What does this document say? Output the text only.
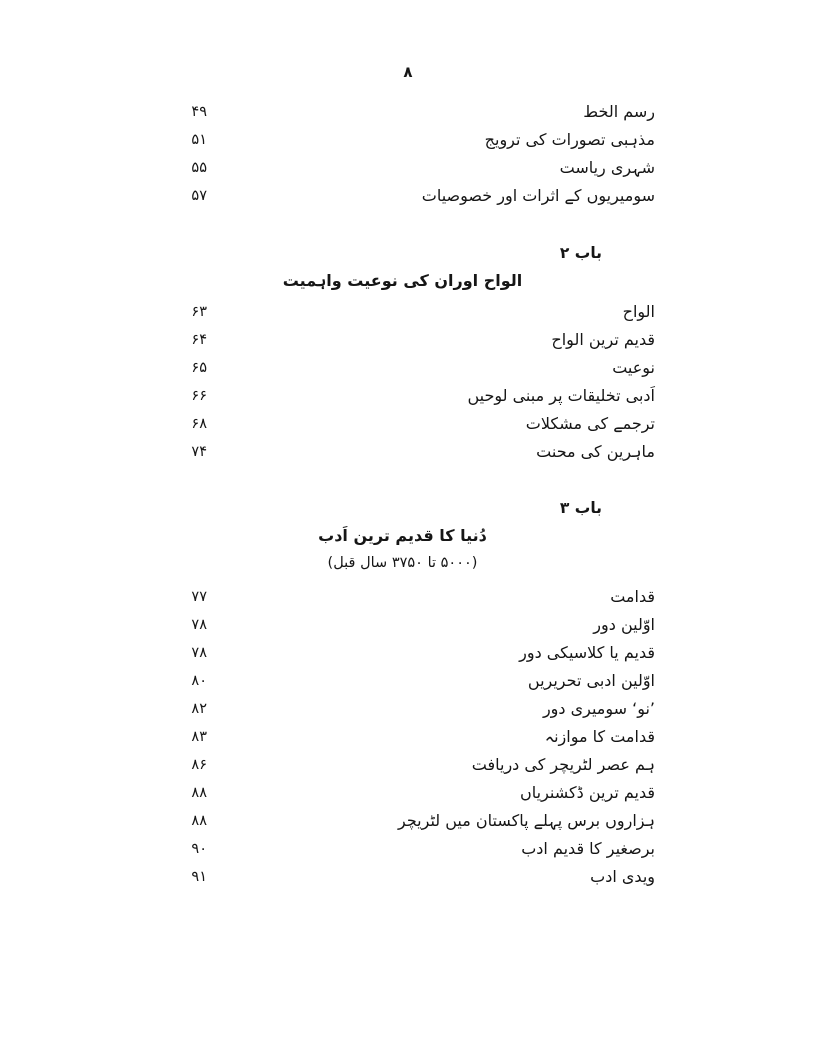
۸
۴۹	رسم الخط
۵۱	مذہبی تصورات کی ترویج
۵۵	شہری ریاست
۵۷	سومیریوں کے اثرات اور خصوصیات
باب ۲
الواح اوران کی نوعیت واہمیت
۶۳	الواح
۶۴	قدیم ترین الواح
۶۵	نوعیت
۶۶	اَدبی تخلیقات پر مبنی لوحیں
۶۸	ترجمے کی مشکلات
۷۴	ماہرین کی محنت
باب ۳
دُنیا کا قدیم ترین اَدب
(۵۰۰۰ تا ۳۷۵۰ سال قبل)
۷۷	قدامت
۷۸	اوّلین دور
۷۸	قدیم یا کلاسیکی دور
۸۰	اوّلین ادبی تحریریں
۸۲	’نو‘ سومیری دور
۸۳	قدامت کا موازنہ
۸۶	ہم عصر لٹریچر کی دریافت
۸۸	قدیم ترین ڈکشنریاں
۸۸	ہزاروں برس پہلے پاکستان میں لٹریچر
۹۰	برصغیر کا قدیم ادب
۹۱	ویدی ادب
